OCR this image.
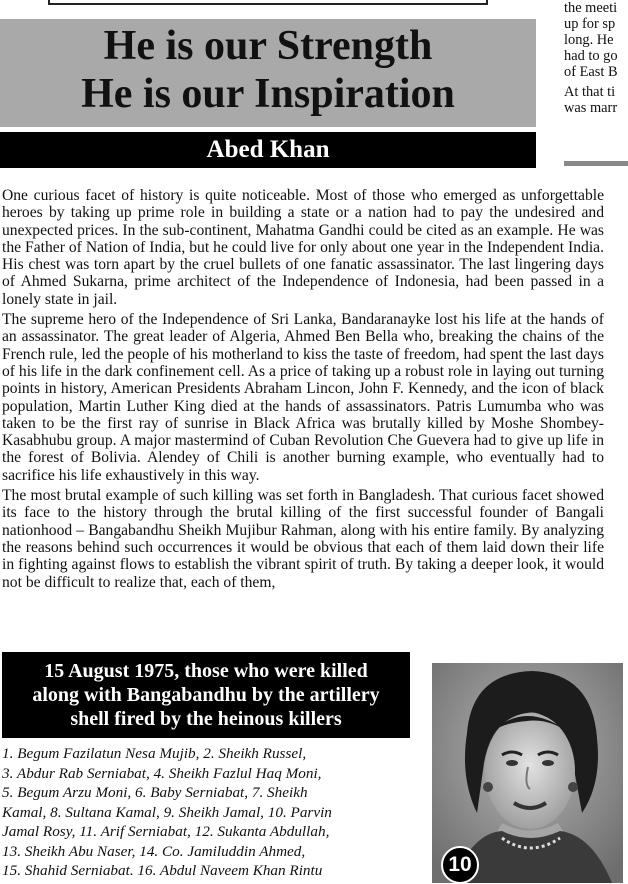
He is our Strength
He is our Inspiration
Abed Khan

the meeti

up for sp

long. He

had to go

of East B

At that ti

was marr

One curious facet of history is quite noticeable. Most of those who emerged as unforgettable heroes by taking up prime role in building a state or a nation had to pay the undesired and unexpected prices. In the sub-continent, Mahatma Gandhi could be cited as an example. He was the Father of Nation of India, but he could live for only about one year in the Independent India. His chest was torn apart by the cruel bullets of one fanatic assassinator. The last lingering days of Ahmed Sukarna, prime architect of the Independence of Indonesia, had been passed in a lonely state in jail.

The supreme hero of the Independence of Sri Lanka, Bandaranayke lost his life at the hands of an assassinator. The great leader of Algeria, Ahmed Ben Bella who, breaking the chains of the French rule, led the people of his motherland to kiss the taste of freedom, had spent the last days of his life in the dark confinement cell. As a price of taking up a robust role in laying out turning points in history, American Presidents Abraham Lincon, John F. Kennedy, and the icon of black population, Martin Luther King died at the hands of assassinators. Patris Lumumba who was taken to be the first ray of sunrise in Black Africa was brutally killed by Moshe Shombey-Kasabhubu group. A major mastermind of Cuban Revolution Che Guevera had to give up life in the forest of Bolivia. Alendey of Chili is another burning example, who eventually had to sacrifice his life exhaustively in this way.

The most brutal example of such killing was set forth in Bangladesh. That curious facet showed its face to the history through the brutal killing of the first successful founder of Bangali nationhood – Bangabandhu Sheikh Mujibur Rahman, along with his entire family. By analyzing the reasons behind such occurrences it would be obvious that each of them laid down their life in fighting against flows to establish the vibrant spirit of truth. By taking a deeper look, it would not be difficult to realize that, each of them,

15 August 1975, those who were killed
along with Bangabandhu by the artillery
shell fired by the heinous killers
1. Begum Fazilatun Nesa Mujib, 2. Sheikh Russel,
3. Abdur Rab Serniabat, 4. Sheikh Fazlul Haq Moni,
5. Begum Arzu Moni, 6. Baby Serniabat, 7. Sheikh
Kamal, 8. Sultana Kamal, 9. Sheikh Jamal, 10. Parvin
Jamal Rosy, 11. Arif Serniabat, 12. Sukanta Abdullah,
13. Sheikh Abu Naser, 14. Co. Jamiluddin Ahmed,
15. Shahid Serniabat. 16. Abdul Naveem Khan Rintu	10
